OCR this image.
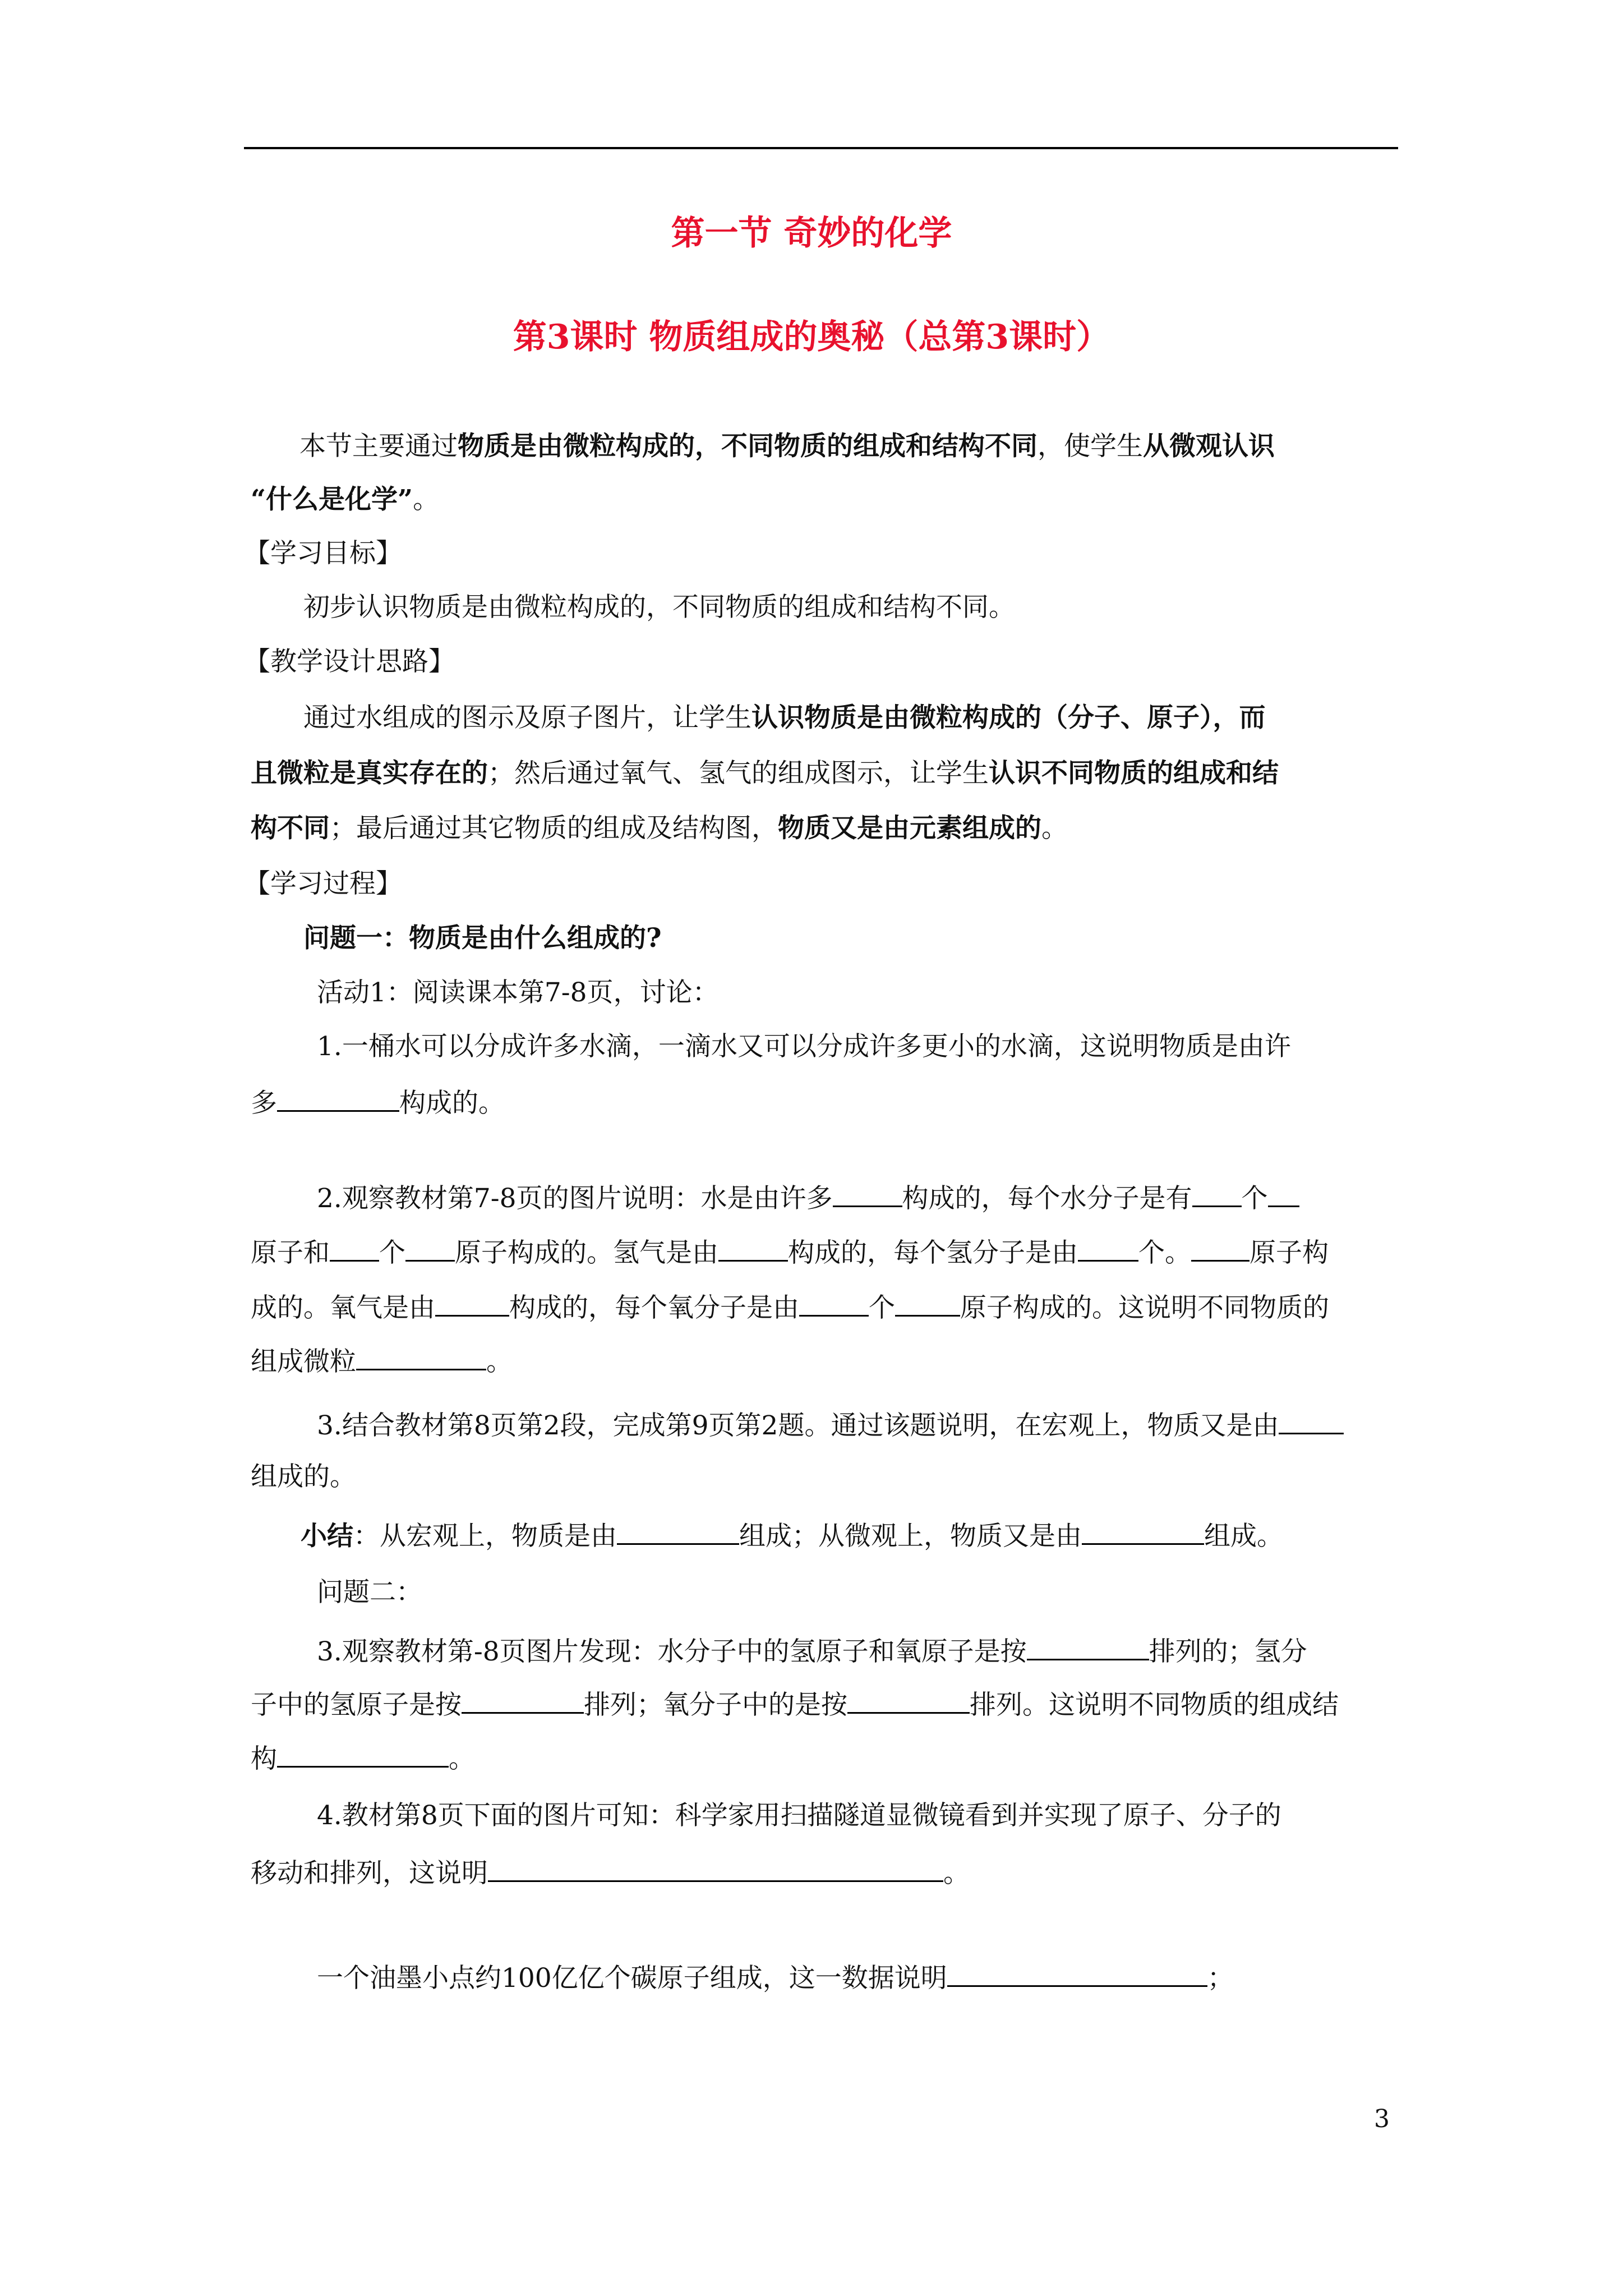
第一节 奇妙的化学
第3课时 物质组成的奥秘（总第3课时）
本节主要通过物质是由微粒构成的，不同物质的组成和结构不同，使学生从微观认识
“什么是化学”。
【学习目标】
初步认识物质是由微粒构成的，不同物质的组成和结构不同。
【教学设计思路】
通过水组成的图示及原子图片，让学生认识物质是由微粒构成的（分子、原子），而
且微粒是真实存在的；然后通过氧气、氢气的组成图示，让学生认识不同物质的组成和结
构不同；最后通过其它物质的组成及结构图，物质又是由元素组成的。
【学习过程】
问题一：物质是由什么组成的?
活动1：阅读课本第7-8页，讨论：
1.一桶水可以分成许多水滴，一滴水又可以分成许多更小的水滴，这说明物质是由许
多	构成的。
2.观察教材第7-8页的图片说明：水是由许多	构成的，每个水分子是有 个
原子和 个 原子构成的。氢气是由	构成的，每个氢分子是由 个。 原子构
成的。氧气是由	构成的，每个氧分子是由	个 原子构成的。这说明不同物质的
组成微粒	。
3.结合教材第8页第2段，完成第9页第2题。通过该题说明，在宏观上，物质又是由
组成的。
小结：从宏观上，物质是由	组成；从微观上，物质又是由	组成。
问题二：
3.观察教材第-8页图片发现：水分子中的氢原子和氧原子是按	排列的；氢分
子中的氢原子是按	排列；氧分子中的是按	排列。这说明不同物质的组成结
构	。
4.教材第8页下面的图片可知：科学家用扫描隧道显微镜看到并实现了原子、分子的
移动和排列，这说明	。
一个油墨小点约100亿亿个碳原子组成，这一数据说明	；
3
